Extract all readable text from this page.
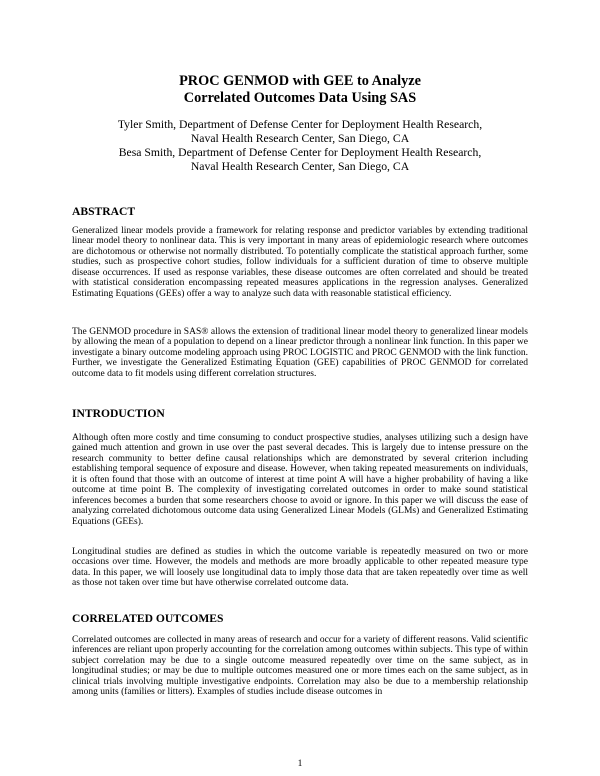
PROC GENMOD with GEE to Analyze
Correlated Outcomes Data Using SAS
Tyler Smith, Department of Defense Center for Deployment Health Research,
Naval Health Research Center, San Diego, CA
Besa Smith, Department of Defense Center for Deployment Health Research,
Naval Health Research Center, San Diego, CA
ABSTRACT
Generalized linear models provide a framework for relating response and predictor variables by extending traditional linear model theory to nonlinear data. This is very important in many areas of epidemiologic research where outcomes are dichotomous or otherwise not normally distributed. To potentially complicate the statistical approach further, some studies, such as prospective cohort studies, follow individuals for a sufficient duration of time to observe multiple disease occurrences. If used as response variables, these disease outcomes are often correlated and should be treated with statistical consideration encompassing repeated measures applications in the regression analyses. Generalized Estimating Equations (GEEs) offer a way to analyze such data with reasonable statistical efficiency.
The GENMOD procedure in SAS® allows the extension of traditional linear model theory to generalized linear models by allowing the mean of a population to depend on a linear predictor through a nonlinear link function. In this paper we investigate a binary outcome modeling approach using PROC LOGISTIC and PROC GENMOD with the link function. Further, we investigate the Generalized Estimating Equation (GEE) capabilities of PROC GENMOD for correlated outcome data to fit models using different correlation structures.
INTRODUCTION
Although often more costly and time consuming to conduct prospective studies, analyses utilizing such a design have gained much attention and grown in use over the past several decades. This is largely due to intense pressure on the research community to better define causal relationships which are demonstrated by several criterion including establishing temporal sequence of exposure and disease. However, when taking repeated measurements on individuals, it is often found that those with an outcome of interest at time point A will have a higher probability of having a like outcome at time point B. The complexity of investigating correlated outcomes in order to make sound statistical inferences becomes a burden that some researchers choose to avoid or ignore. In this paper we will discuss the ease of analyzing correlated dichotomous outcome data using Generalized Linear Models (GLMs) and Generalized Estimating Equations (GEEs).
Longitudinal studies are defined as studies in which the outcome variable is repeatedly measured on two or more occasions over time. However, the models and methods are more broadly applicable to other repeated measure type data. In this paper, we will loosely use longitudinal data to imply those data that are taken repeatedly over time as well as those not taken over time but have otherwise correlated outcome data.
CORRELATED OUTCOMES
Correlated outcomes are collected in many areas of research and occur for a variety of different reasons. Valid scientific inferences are reliant upon properly accounting for the correlation among outcomes within subjects. This type of within subject correlation may be due to a single outcome measured repeatedly over time on the same subject, as in longitudinal studies; or may be due to multiple outcomes measured one or more times each on the same subject, as in clinical trials involving multiple investigative endpoints. Correlation may also be due to a membership relationship among units (families or litters). Examples of studies include disease outcomes in
1
